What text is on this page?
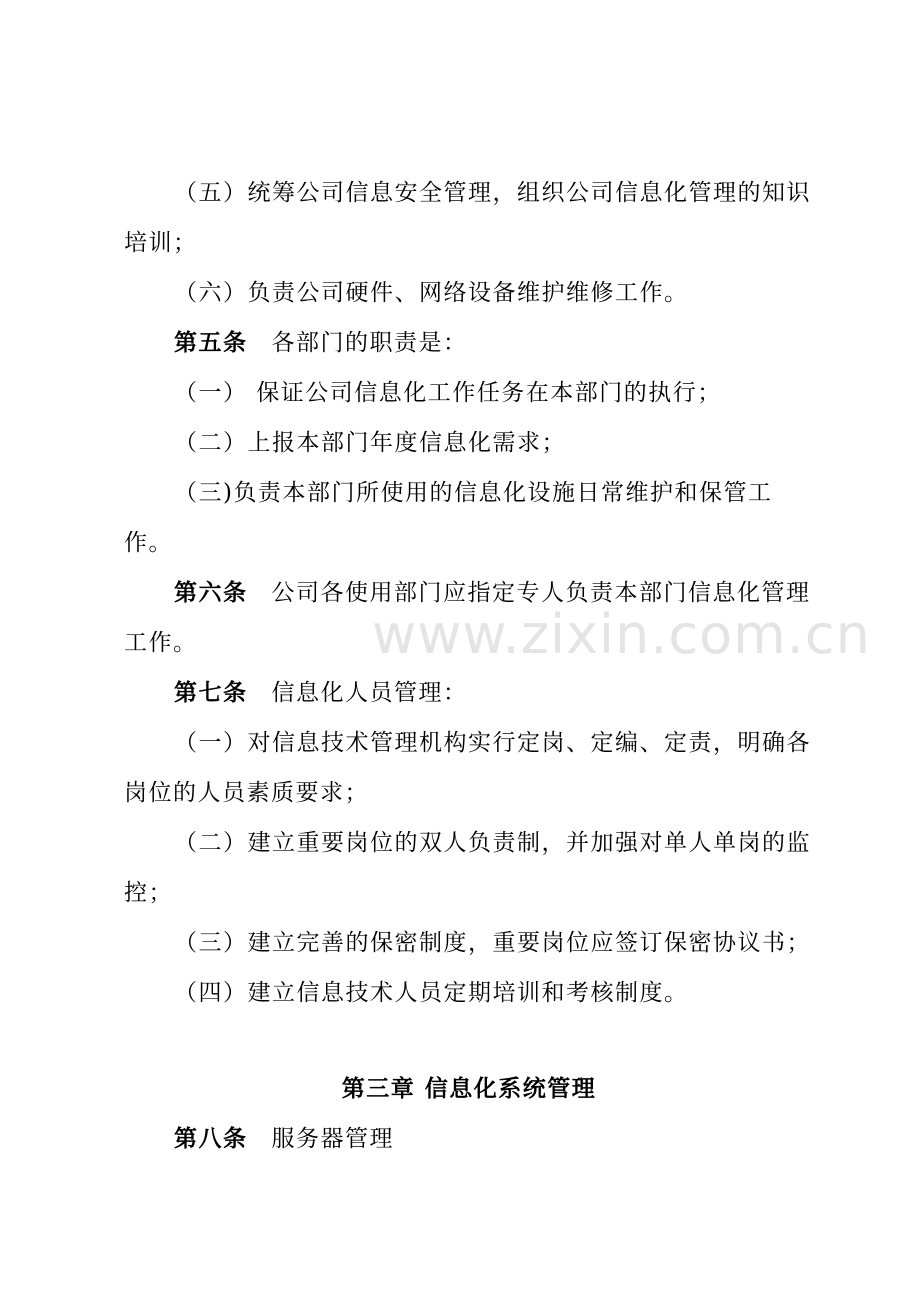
www.zixin.com.cn

（五）统筹公司信息安全管理，组织公司信息化管理的知识培训；

（六）负责公司硬件、网络设备维护维修工作。

第五条 各部门的职责是：

（一） 保证公司信息化工作任务在本部门的执行；

（二）上报本部门年度信息化需求；

（三)负责本部门所使用的信息化设施日常维护和保管工作。

第六条 公司各使用部门应指定专人负责本部门信息化管理工作。

第七条 信息化人员管理：

（一）对信息技术管理机构实行定岗、定编、定责，明确各岗位的人员素质要求；

（二）建立重要岗位的双人负责制，并加强对单人单岗的监控；

（三）建立完善的保密制度，重要岗位应签订保密协议书；

（四）建立信息技术人员定期培训和考核制度。

第三章 信息化系统管理

第八条 服务器管理
